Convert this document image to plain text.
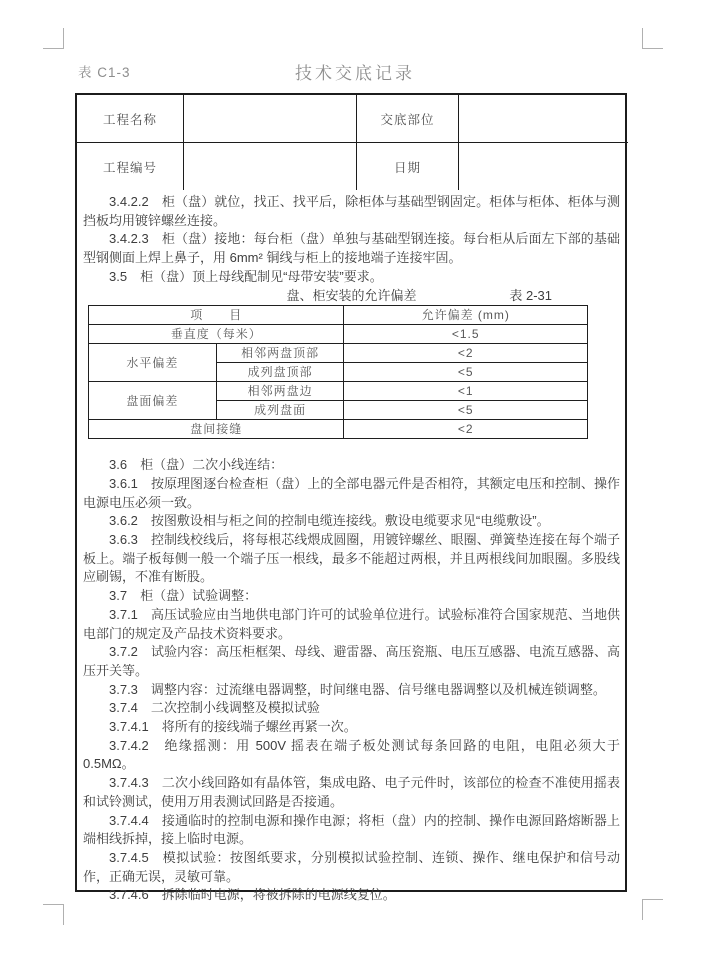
表 C1-3	技术交底记录
工程名称		交底部位	
工程编号		日期	

3.4.2.2　柜（盘）就位，找正、找平后，除柜体与基础型钢固定。柜体与柜体、柜体与测挡板均用镀锌螺丝连接。

3.4.2.3　柜（盘）接地：每台柜（盘）单独与基础型钢连接。每台柜从后面左下部的基础型钢侧面上焊上鼻子，用 6mm² 铜线与柜上的接地端子连接牢固。

3.5　柜（盘）顶上母线配制见“母带安装”要求。

盘、柜安装的允许偏差	表 2-31
项　　目		允许偏差 (mm)
垂直度（每米）		<1.5
水平偏差	相邻两盘顶部	<2
	成列盘顶部	<5
盘面偏差	相邻两盘边	<1
	成列盘面	<5
盘间接缝		<2

3.6　柜（盘）二次小线连结：

3.6.1　按原理图逐台检查柜（盘）上的全部电器元件是否相符，其额定电压和控制、操作电源电压必须一致。

3.6.2　按图敷设相与柜之间的控制电缆连接线。敷设电缆要求见“电缆敷设”。

3.6.3　控制线校线后，将每根芯线煨成圆圈，用镀锌螺丝、眼圈、弹簧垫连接在每个端子板上。端子板每侧一般一个端子压一根线，最多不能超过两根，并且两根线间加眼圈。多股线应刷锡，不准有断股。

3.7　柜（盘）试验调整：

3.7.1　高压试验应由当地供电部门许可的试验单位进行。试验标准符合国家规范、当地供电部门的规定及产品技术资料要求。

3.7.2　试验内容：高压柜框架、母线、避雷器、高压瓷瓶、电压互感器、电流互感器、高压开关等。

3.7.3　调整内容：过流继电器调整，时间继电器、信号继电器调整以及机械连锁调整。

3.7.4　二次控制小线调整及模拟试验

3.7.4.1　将所有的接线端子螺丝再紧一次。

3.7.4.2　绝缘摇测：用 500V 摇表在端子板处测试每条回路的电阻，电阻必须大于 0.5MΩ。

3.7.4.3　二次小线回路如有晶体管，集成电路、电子元件时，该部位的检查不准使用摇表和试铃测试，使用万用表测试回路是否接通。

3.7.4.4　接通临时的控制电源和操作电源；将柜（盘）内的控制、操作电源回路熔断器上端相线拆掉，接上临时电源。

3.7.4.5　模拟试验：按图纸要求，分别模拟试验控制、连锁、操作、继电保护和信号动作，正确无误，灵敏可靠。

3.7.4.6　拆除临时电源，将被拆除的电源线复位。
